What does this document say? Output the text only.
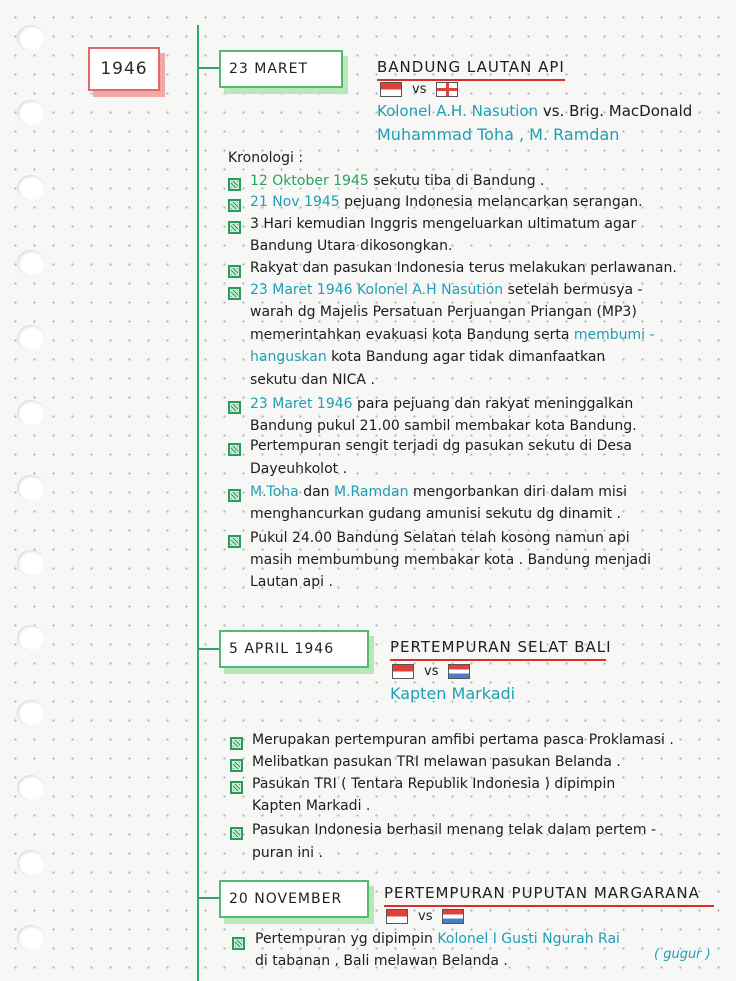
1946	23 MARET	BANDUNG LAUTAN API
vs
Kolonel A.H. Nasution vs. Brig. MacDonald
Muhammad Toha , M. Ramdan
Kronologi :
12 Oktober 1945 sekutu tiba di Bandung .
21 Nov 1945 pejuang Indonesia melancarkan serangan.
3 Hari kemudian Inggris mengeluarkan ultimatum agar
Bandung Utara dikosongkan.
Rakyat dan pasukan Indonesia terus melakukan perlawanan.
23 Maret 1946 Kolonel A.H Nasution setelah bermusya -
warah dg Majelis Persatuan Perjuangan Priangan (MP3)
memerintahkan evakuasi kota Bandung serta membumi -
hanguskan kota Bandung agar tidak dimanfaatkan
sekutu dan NICA .
23 Maret 1946 para pejuang dan rakyat meninggalkan
Bandung pukul 21.00 sambil membakar kota Bandung.
Pertempuran sengit terjadi dg pasukan sekutu di Desa
Dayeuhkolot .
M.Toha dan M.Ramdan mengorbankan diri dalam misi
menghancurkan gudang amunisi sekutu dg dinamit .
Pukul 24.00 Bandung Selatan telah kosong namun api
masih membumbung membakar kota . Bandung menjadi
Lautan api .
5 APRIL 1946	PERTEMPURAN SELAT BALI
vs
Kapten Markadi
Merupakan pertempuran amfibi pertama pasca Proklamasi .
Melibatkan pasukan TRI melawan pasukan Belanda .
Pasukan TRI ( Tentara Republik Indonesia ) dipimpin
Kapten Markadi .
Pasukan Indonesia berhasil menang telak dalam pertem -
puran ini .
20 NOVEMBER	PERTEMPURAN PUPUTAN MARGARANA
vs
Pertempuran yg dipimpin Kolonel I Gusti Ngurah Rai
di tabanan , Bali melawan Belanda .	( gugur )
